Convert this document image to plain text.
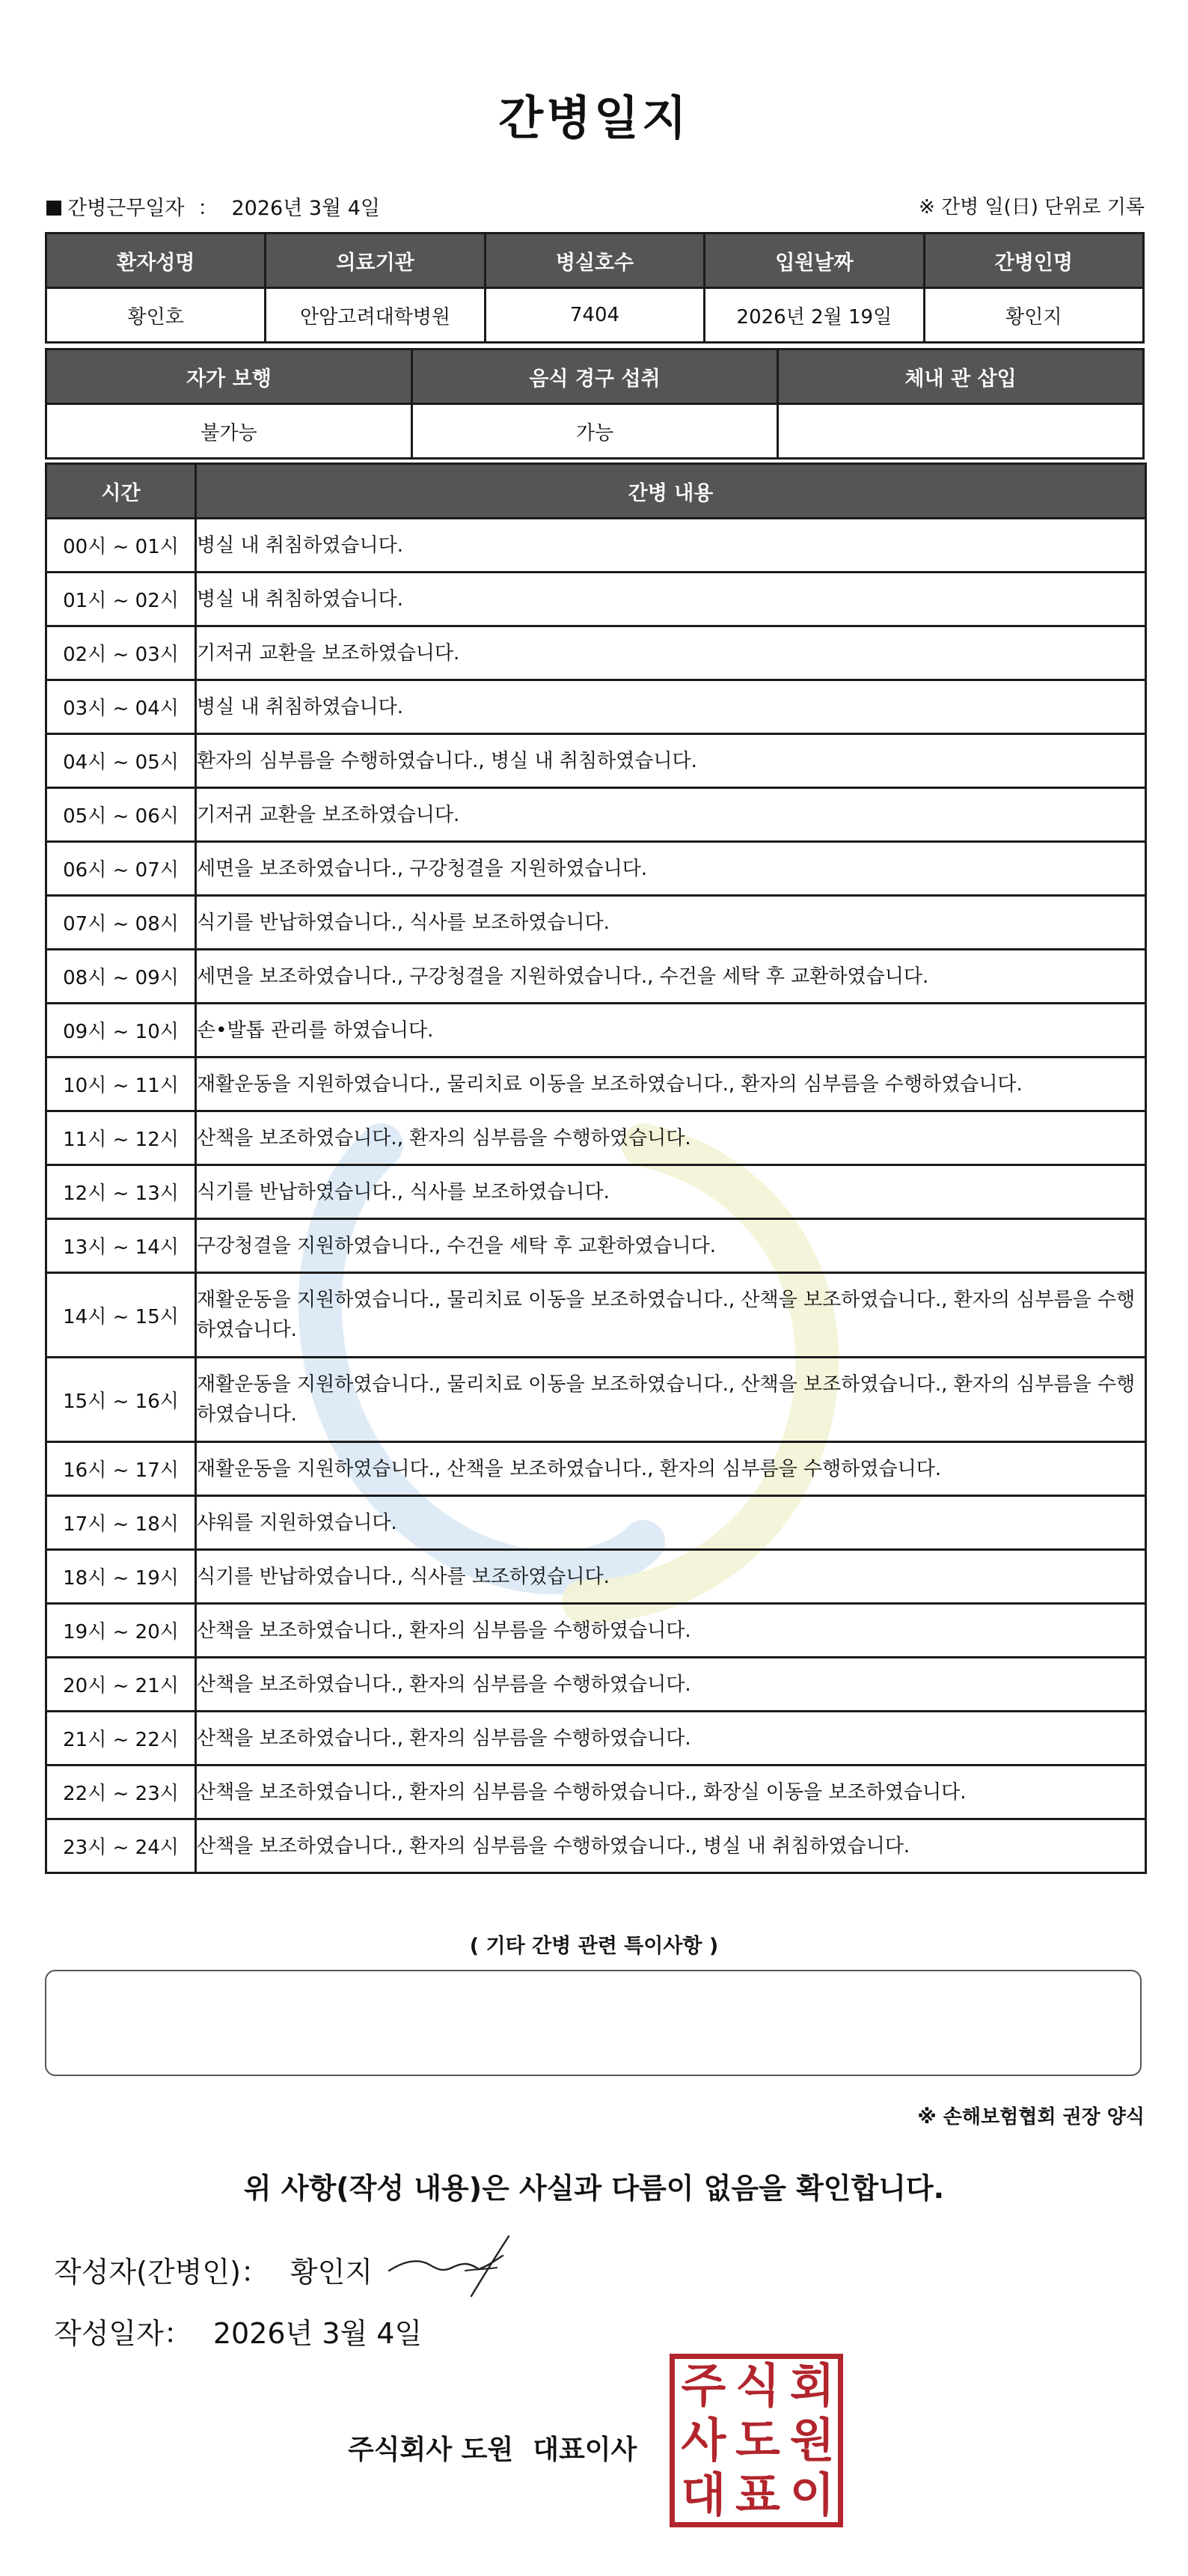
간병일지
간병근무일자 ： 2026년 3월 4일	※ 간병 일(日) 단위로 기록
환자성명	의료기관	병실호수	입원날짜	간병인명
황인호	안암고려대학병원	7404	2026년 2월 19일	황인지
자가 보행	음식 경구 섭취	체내 관 삽입
불가능	가능	
시간	간병 내용
00시 ~ 01시	병실 내 취침하였습니다.
01시 ~ 02시	병실 내 취침하였습니다.
02시 ~ 03시	기저귀 교환을 보조하였습니다.
03시 ~ 04시	병실 내 취침하였습니다.
04시 ~ 05시	환자의 심부름을 수행하였습니다., 병실 내 취침하였습니다.
05시 ~ 06시	기저귀 교환을 보조하였습니다.
06시 ~ 07시	세면을 보조하였습니다., 구강청결을 지원하였습니다.
07시 ~ 08시	식기를 반납하였습니다., 식사를 보조하였습니다.
08시 ~ 09시	세면을 보조하였습니다., 구강청결을 지원하였습니다., 수건을 세탁 후 교환하였습니다.
09시 ~ 10시	손•발톱 관리를 하였습니다.
10시 ~ 11시	재활운동을 지원하였습니다., 물리치료 이동을 보조하였습니다., 환자의 심부름을 수행하였습니다.
11시 ~ 12시	산책을 보조하였습니다., 환자의 심부름을 수행하였습니다.
12시 ~ 13시	식기를 반납하였습니다., 식사를 보조하였습니다.
13시 ~ 14시	구강청결을 지원하였습니다., 수건을 세탁 후 교환하였습니다.
14시 ~ 15시	재활운동을 지원하였습니다., 물리치료 이동을 보조하였습니다., 산책을 보조하였습니다., 환자의 심부름을 수행하였습니다.
15시 ~ 16시	재활운동을 지원하였습니다., 물리치료 이동을 보조하였습니다., 산책을 보조하였습니다., 환자의 심부름을 수행하였습니다.
16시 ~ 17시	재활운동을 지원하였습니다., 산책을 보조하였습니다., 환자의 심부름을 수행하였습니다.
17시 ~ 18시	샤워를 지원하였습니다.
18시 ~ 19시	식기를 반납하였습니다., 식사를 보조하였습니다.
19시 ~ 20시	산책을 보조하였습니다., 환자의 심부름을 수행하였습니다.
20시 ~ 21시	산책을 보조하였습니다., 환자의 심부름을 수행하였습니다.
21시 ~ 22시	산책을 보조하였습니다., 환자의 심부름을 수행하였습니다.
22시 ~ 23시	산책을 보조하였습니다., 환자의 심부름을 수행하였습니다., 화장실 이동을 보조하였습니다.
23시 ~ 24시	산책을 보조하였습니다., 환자의 심부름을 수행하였습니다., 병실 내 취침하였습니다.
( 기타 간병 관련 특이사항 )
※ 손해보험협회 권장 양식
위 사항(작성 내용)은 사실과 다름이 없음을 확인합니다.
작성자(간병인)： 황인지
작성일자： 2026년 3월 4일
주식회사 도원 대표이사
주 식 회
사 도 원
대 표 이
